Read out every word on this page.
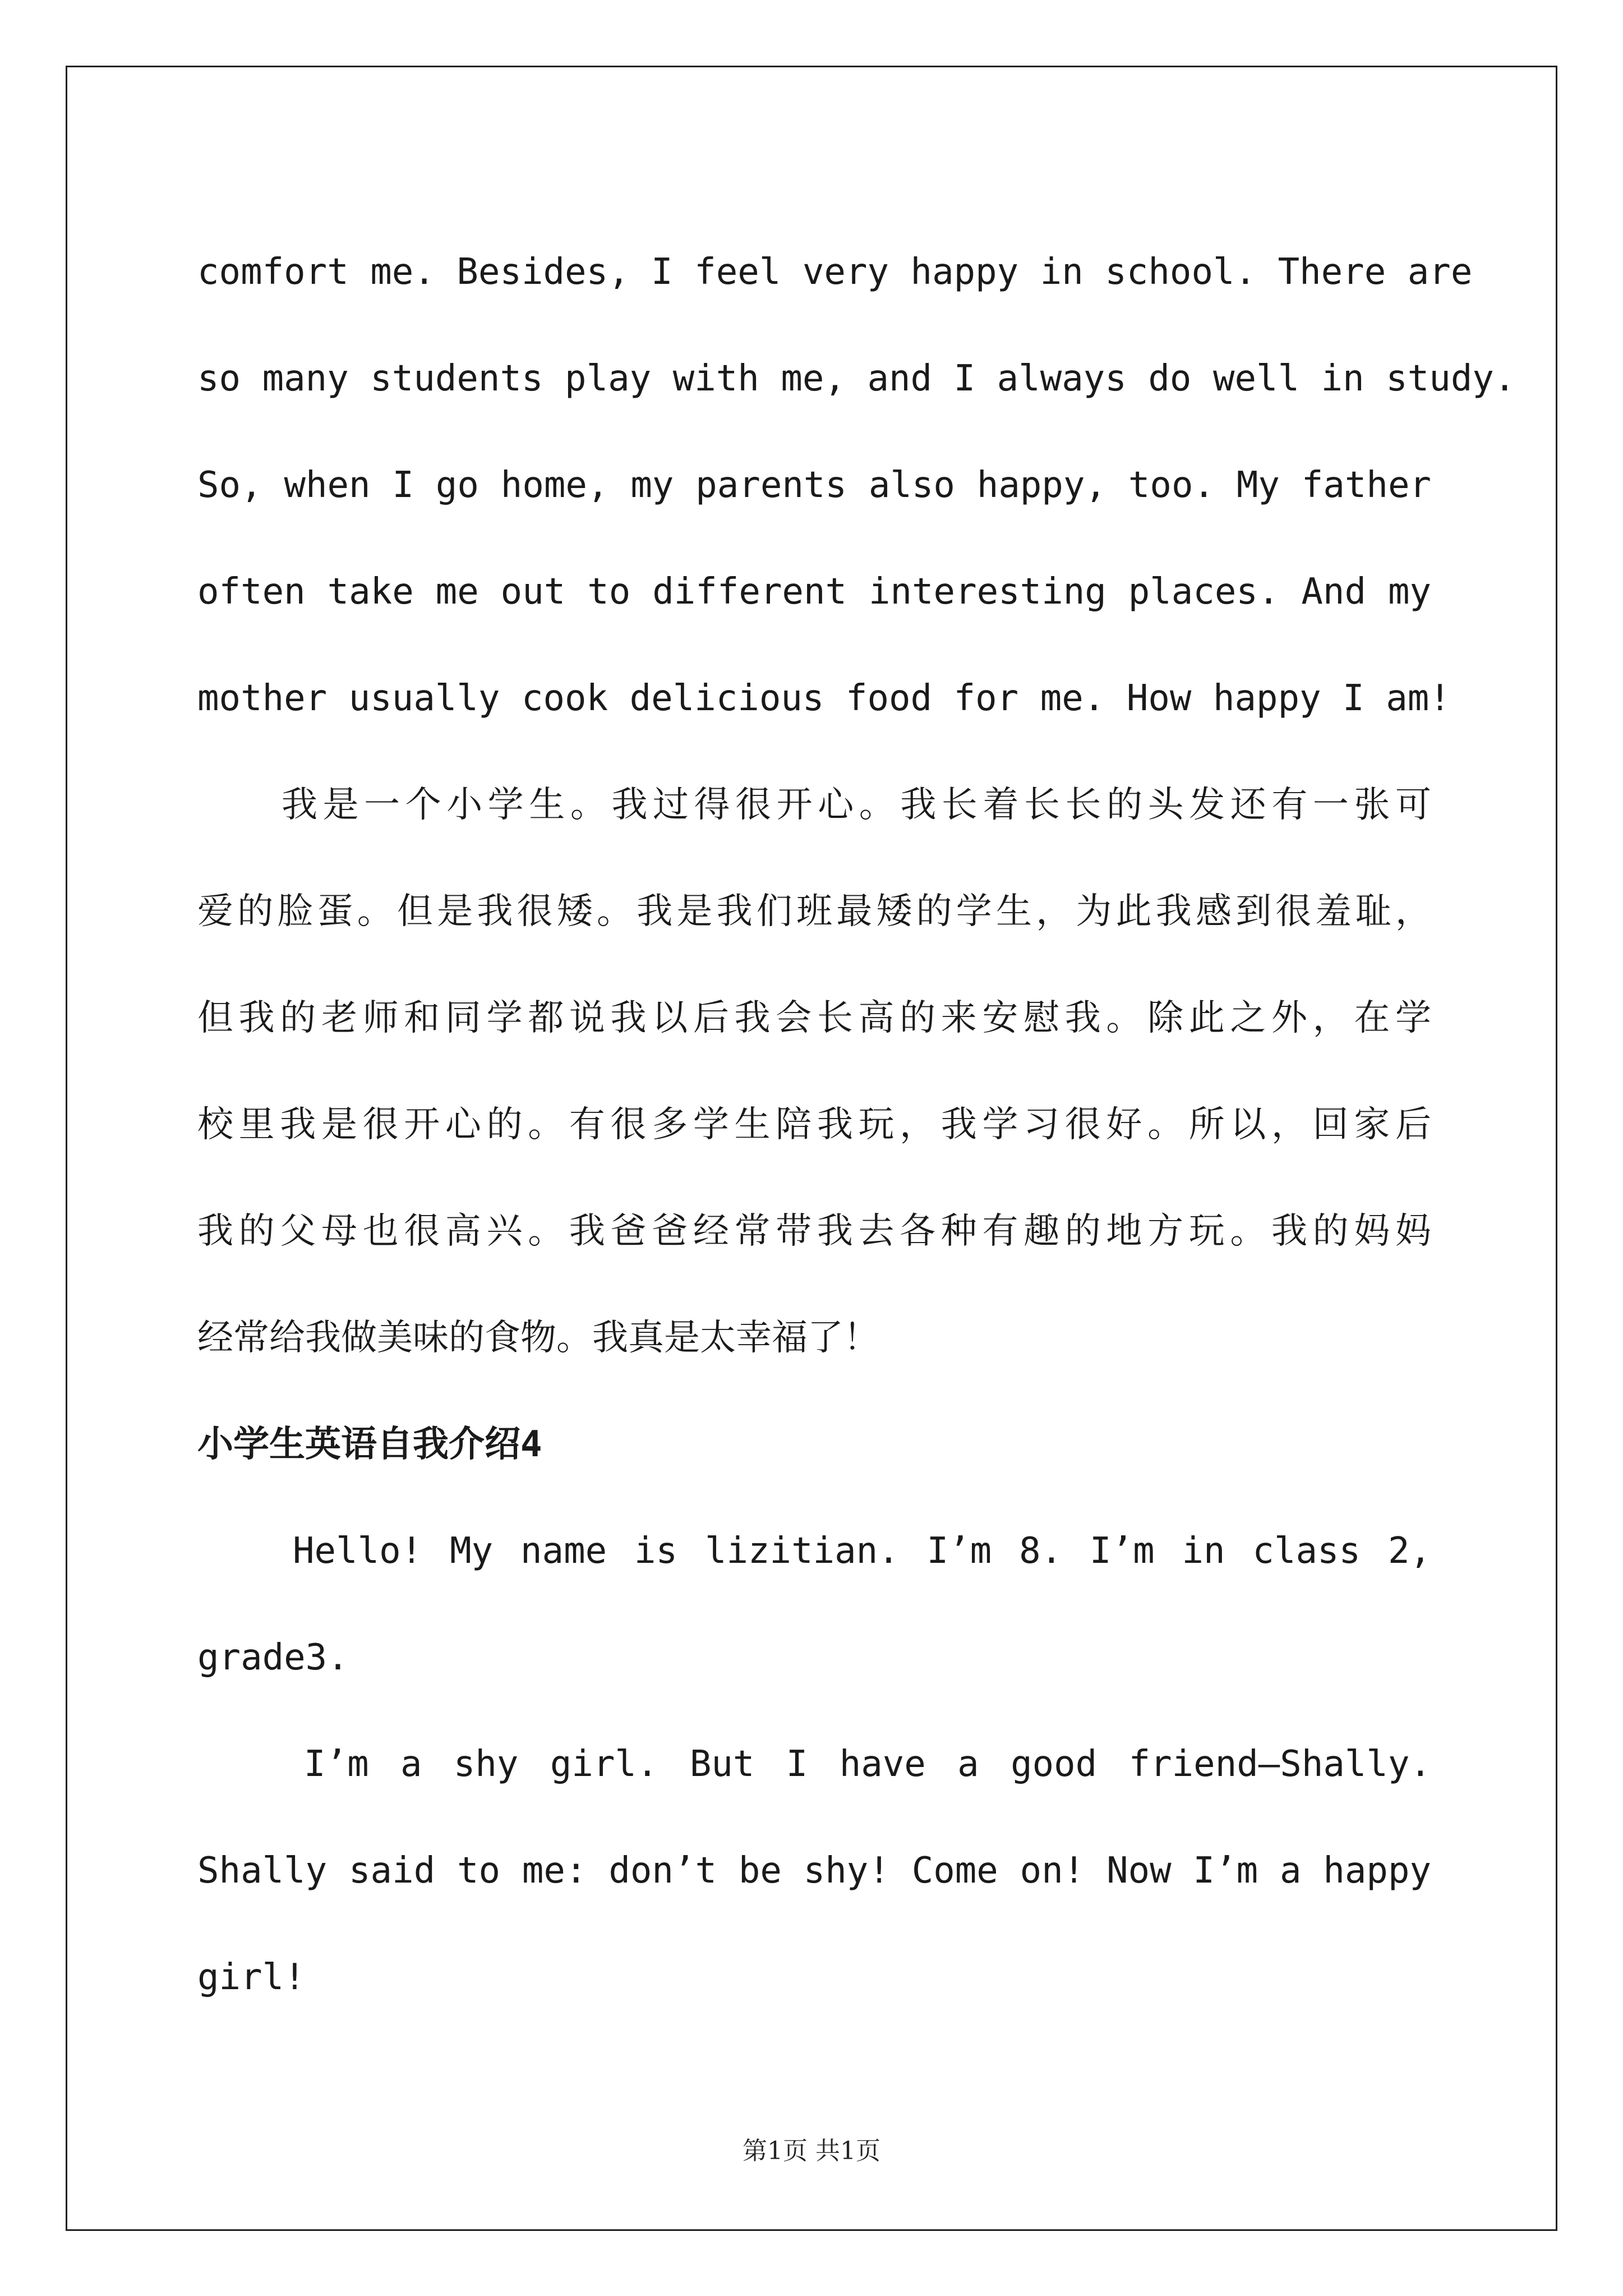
comfort me. Besides, I feel very happy in school. There are

so many students play with me, and I always do well in study.

So, when I go home, my parents also happy, too. My father

often take me out to different interesting places. And my

mother usually cook delicious food for me. How happy I am!

我是一个小学生。我过得很开心。我长着长长的头发还有一张可

爱的脸蛋。但是我很矮。我是我们班最矮的学生，为此我感到很羞耻，

但我的老师和同学都说我以后我会长高的来安慰我。除此之外，在学

校里我是很开心的。有很多学生陪我玩，我学习很好。所以，回家后

我的父母也很高兴。我爸爸经常带我去各种有趣的地方玩。我的妈妈

经常给我做美味的食物。我真是太幸福了！

小学生英语自我介绍4

Hello! My name is lizitian. I’m 8. I’m in class 2,

grade3.

I’m a shy girl. But I have a good friend—Shally.

Shally said to me: don’t be shy! Come on! Now I’m a happy

girl!

第1页 共1页
